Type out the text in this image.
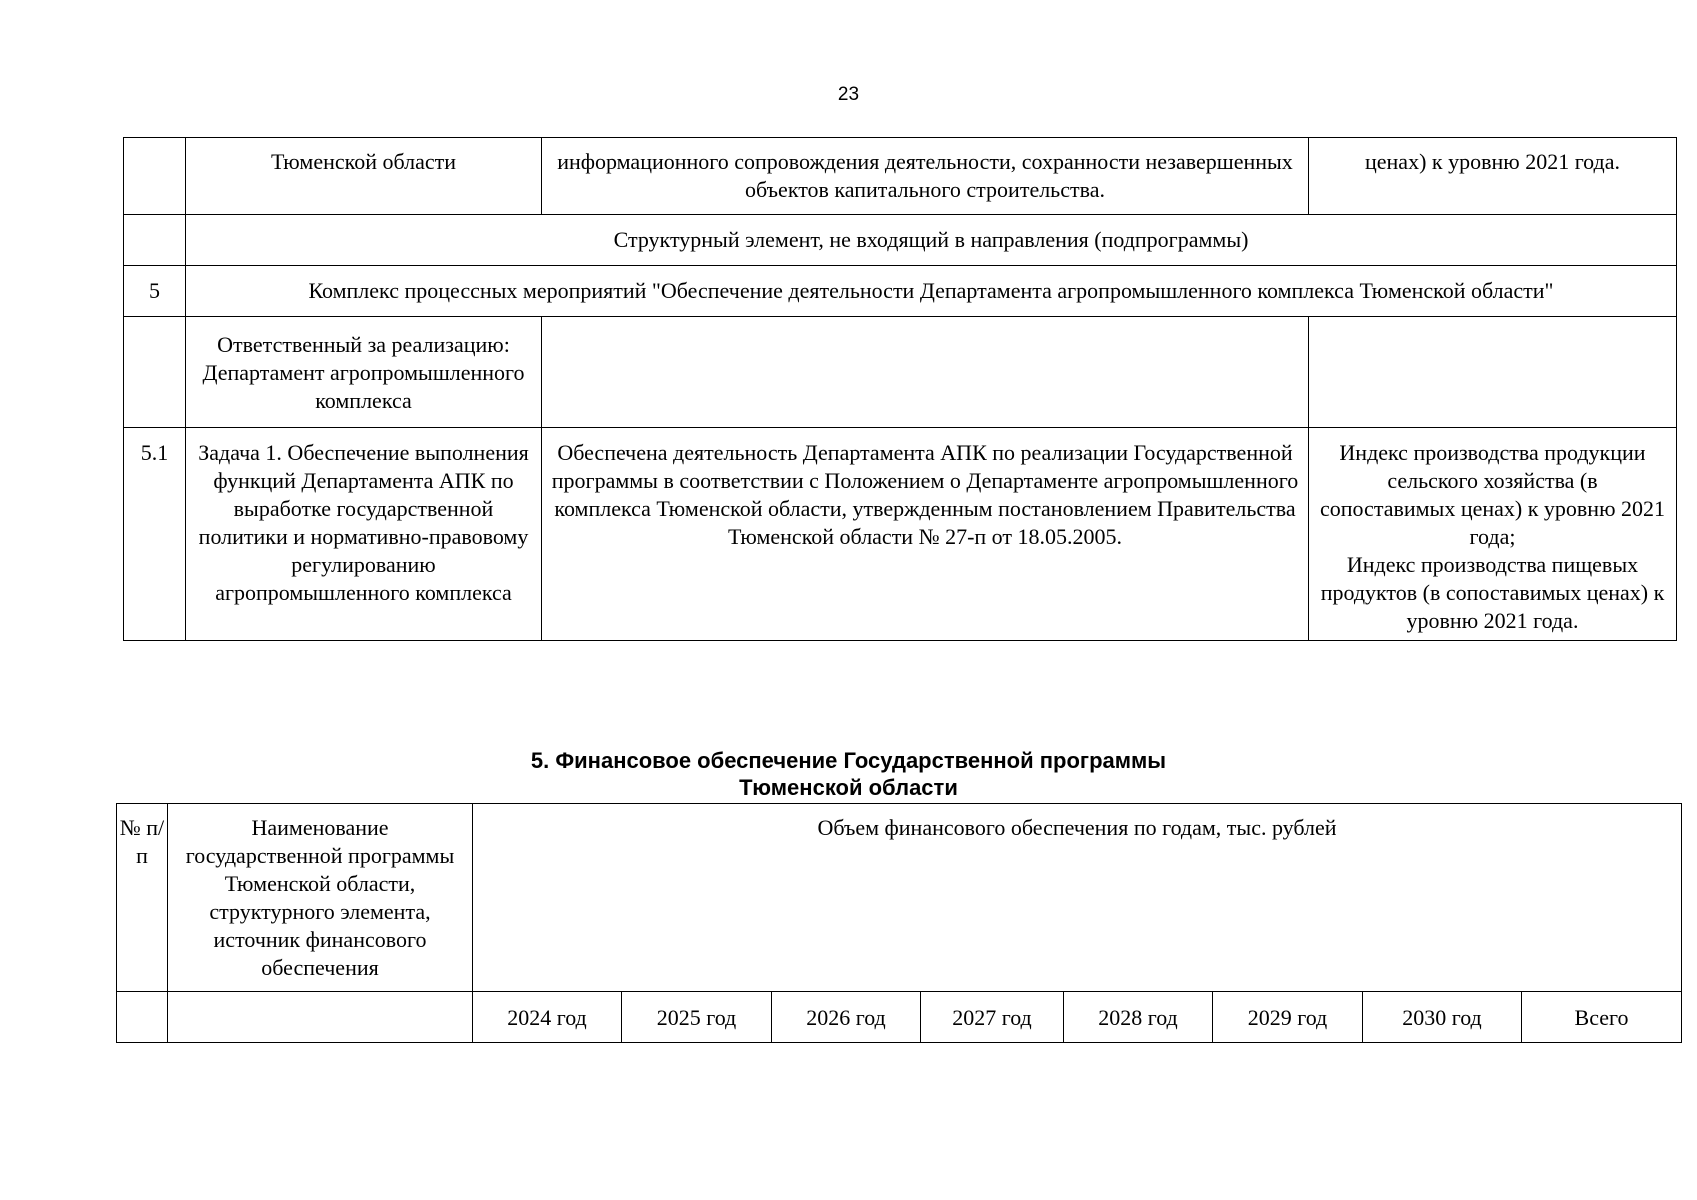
23
	Тюменской области	информационного сопровождения деятельности, сохранности незавершенных объектов капитального строительства.	ценах) к уровню 2021 года.
	Структурный элемент, не входящий в направления (подпрограммы)		
5	Комплекс процессных мероприятий "Обеспечение деятельности Департамента агропромышленного комплекса Тюменской области"		
	Ответственный за реализацию: Департамент агропромышленного комплекса		
5.1	Задача 1. Обеспечение выполнения функций Департамента АПК по выработке государственной политики и нормативно-правовому регулированию агропромышленного комплекса	Обеспечена деятельность Департамента АПК по реализации Государственной программы в соответствии с Положением о Департаменте агропромышленного комплекса Тюменской области, утвержденным постановлением Правительства Тюменской области № 27-п от 18.05.2005.	Индекс производства продукции сельского хозяйства (в сопоставимых ценах) к уровню 2021 года;
Индекс производства пищевых продуктов (в сопоставимых ценах) к уровню 2021 года.
5. Финансовое обеспечение Государственной программы
Тюменской области
№ п/п	Наименование государственной программы Тюменской области, структурного элемента, источник финансового обеспечения	Объем финансового обеспечения по годам, тыс. рублей							
		2024 год	2025 год	2026 год	2027 год	2028 год	2029 год	2030 год	Всего
